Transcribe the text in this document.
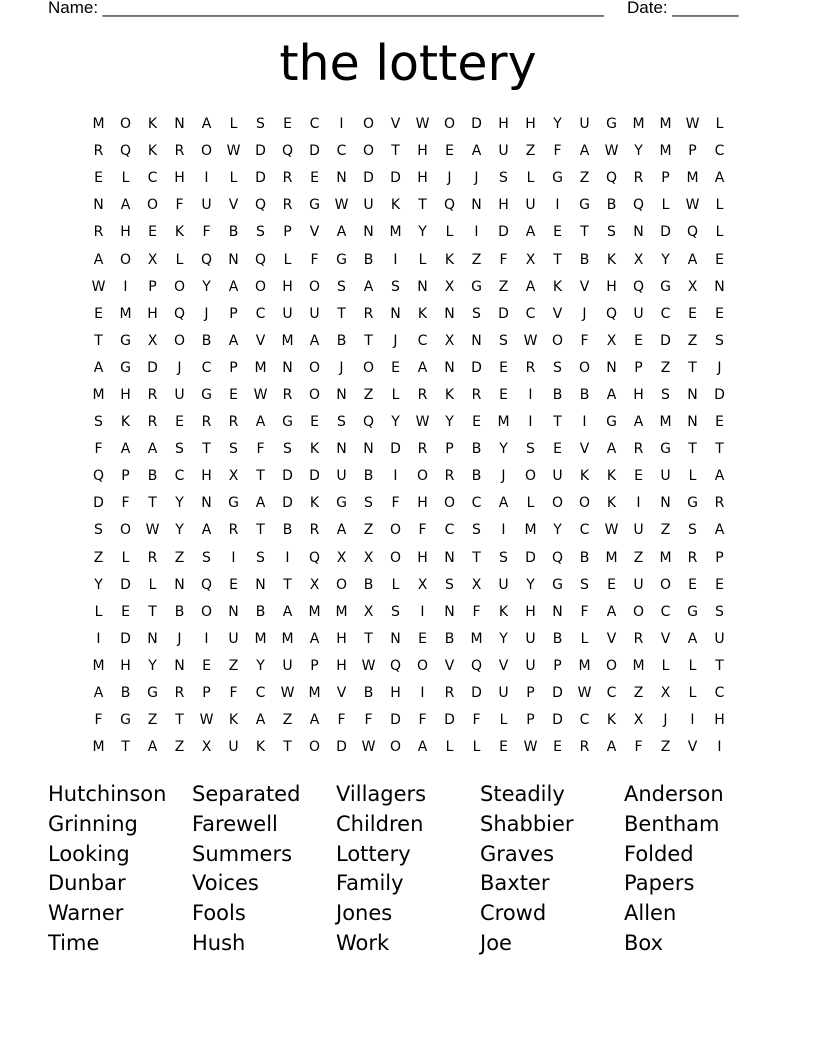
Name: _____________________________________________________ Date: _______
the lottery
M	O	K	N	A	L	S	E	C	I	O	V	W	O	D	H	H	Y	U	G	M	M	W	L
R	Q	K	R	O	W	D	Q	D	C	O	T	H	E	A	U	Z	F	A	W	Y	M	P	C
E	L	C	H	I	L	D	R	E	N	D	D	H	J	J	S	L	G	Z	Q	R	P	M	A
N	A	O	F	U	V	Q	R	G	W	U	K	T	Q	N	H	U	I	G	B	Q	L	W	L
R	H	E	K	F	B	S	P	V	A	N	M	Y	L	I	D	A	E	T	S	N	D	Q	L
A	O	X	L	Q	N	Q	L	F	G	B	I	L	K	Z	F	X	T	B	K	X	Y	A	E
W	I	P	O	Y	A	O	H	O	S	A	S	N	X	G	Z	A	K	V	H	Q	G	X	N
E	M	H	Q	J	P	C	U	U	T	R	N	K	N	S	D	C	V	J	Q	U	C	E	E
T	G	X	O	B	A	V	M	A	B	T	J	C	X	N	S	W	O	F	X	E	D	Z	S
A	G	D	J	C	P	M	N	O	J	O	E	A	N	D	E	R	S	O	N	P	Z	T	J
M	H	R	U	G	E	W	R	O	N	Z	L	R	K	R	E	I	B	B	A	H	S	N	D
S	K	R	E	R	R	A	G	E	S	Q	Y	W	Y	E	M	I	T	I	G	A	M	N	E
F	A	A	S	T	S	F	S	K	N	N	D	R	P	B	Y	S	E	V	A	R	G	T	T
Q	P	B	C	H	X	T	D	D	U	B	I	O	R	B	J	O	U	K	K	E	U	L	A
D	F	T	Y	N	G	A	D	K	G	S	F	H	O	C	A	L	O	O	K	I	N	G	R
S	O	W	Y	A	R	T	B	R	A	Z	O	F	C	S	I	M	Y	C	W	U	Z	S	A
Z	L	R	Z	S	I	S	I	Q	X	X	O	H	N	T	S	D	Q	B	M	Z	M	R	P
Y	D	L	N	Q	E	N	T	X	O	B	L	X	S	X	U	Y	G	S	E	U	O	E	E
L	E	T	B	O	N	B	A	M	M	X	S	I	N	F	K	H	N	F	A	O	C	G	S
I	D	N	J	I	U	M	M	A	H	T	N	E	B	M	Y	U	B	L	V	R	V	A	U
M	H	Y	N	E	Z	Y	U	P	H	W	Q	O	V	Q	V	U	P	M	O	M	L	L	T
A	B	G	R	P	F	C	W	M	V	B	H	I	R	D	U	P	D	W	C	Z	X	L	C
F	G	Z	T	W	K	A	Z	A	F	F	D	F	D	F	L	P	D	C	K	X	J	I	H
M	T	A	Z	X	U	K	T	O	D	W	O	A	L	L	E	W	E	R	A	F	Z	V	I
Hutchinson	Separated	Villagers	Steadily	Anderson
Grinning	Farewell	Children	Shabbier	Bentham
Looking	Summers	Lottery	Graves	Folded
Dunbar	Voices	Family	Baxter	Papers
Warner	Fools	Jones	Crowd	Allen
Time	Hush	Work	Joe	Box
